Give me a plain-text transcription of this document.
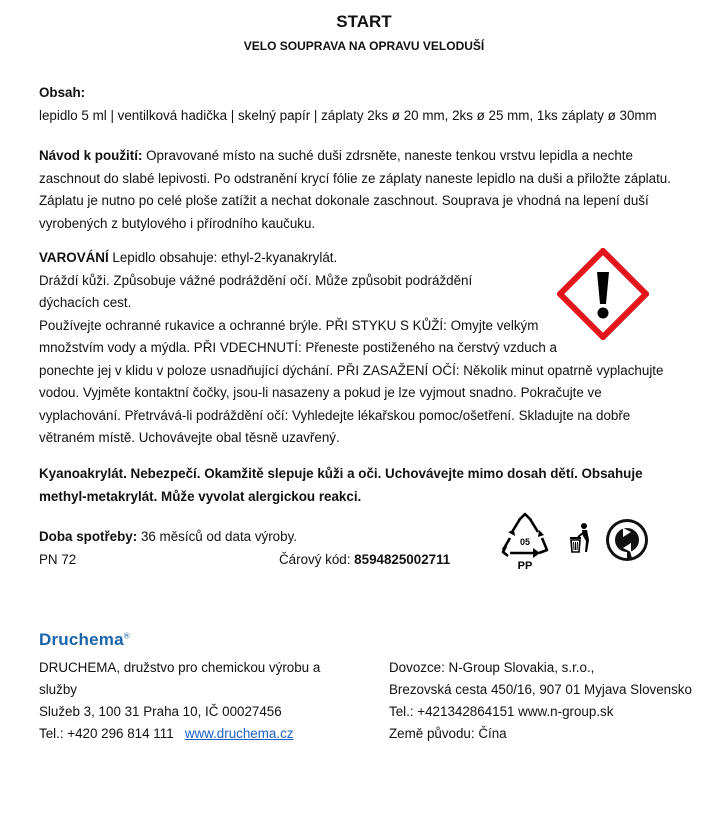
START
VELO SOUPRAVA NA OPRAVU VELODUŠÍ
Obsah:
lepidlo 5 ml | ventilková hadička | skelný papír | záplaty 2ks ø 20 mm, 2ks ø 25 mm, 1ks záplaty ø 30mm
Návod k použití: Opravované místo na suché duši zdrsněte, naneste tenkou vrstvu lepidla a nechte zaschnout do slabé lepivosti. Po odstranění krycí fólie ze záplaty naneste lepidlo na duši a přiložte záplatu. Záplatu je nutno po celé ploše zatížit a nechat dokonale zaschnout. Souprava je vhodná na lepení duší vyrobených z butylového i přírodního kaučuku.
VAROVÁNÍ Lepidlo obsahuje: ethyl-2-kyanakrylát.
Dráždí kůži. Způsobuje vážné podráždění očí. Může způsobit podráždění
dýchacích cest.
Používejte ochranné rukavice a ochranné brýle. PŘI STYKU S KŮŽÍ: Omyjte velkým
množstvím vody a mýdla. PŘI VDECHNUTÍ: Přeneste postiženého na čerstvý vzduch a
ponechte jej v klidu v poloze usnadňující dýchání. PŘI ZASAŽENÍ OČÍ: Několik minut opatrně vyplachujte
vodou. Vyjměte kontaktní čočky, jsou-li nasazeny a pokud je lze vyjmout snadno. Pokračujte ve
vyplachování. Přetrvává-li podráždění očí: Vyhledejte lékařskou pomoc/ošetření. Skladujte na dobře
větraném místě. Uchovávejte obal těsně uzavřený.
Kyanoakrylát. Nebezpečí. Okamžitě slepuje kůži a oči. Uchovávejte mimo dosah dětí. Obsahuje
methyl-metakrylát. Může vyvolat alergickou reakci.
Doba spotřeby: 36 měsíců od data výroby.
PN 72	Čárový kód: 8594825002711
05
PP
Druchema®
DRUCHEMA, družstvo pro chemickou výrobu a
služby
Služeb 3, 100 31 Praha 10, IČ 00027456
Tel.: +420 296 814 111 www.druchema.cz
Dovozce: N-Group Slovakia, s.r.o.,
Brezovská cesta 450/16, 907 01 Myjava Slovensko
Tel.: +421342864151 www.n-group.sk
Země původu: Čína
